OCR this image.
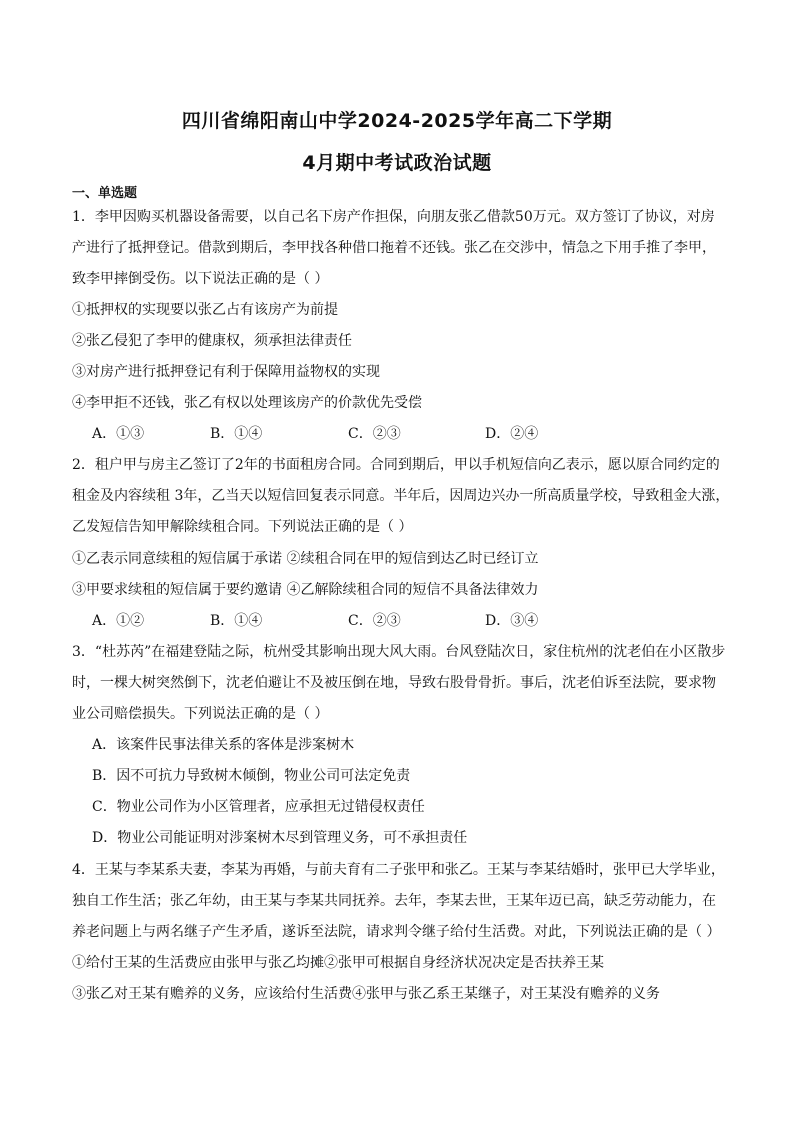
四川省绵阳南山中学2024-2025学年高二下学期
4月期中考试政治试题
一、单选题
1．李甲因购买机器设备需要，以自己名下房产作担保，向朋友张乙借款50万元。双方签订了协议，对房
产进行了抵押登记。借款到期后，李甲找各种借口拖着不还钱。张乙在交涉中，情急之下用手推了李甲，
致李甲摔倒受伤。以下说法正确的是（ ）
①抵押权的实现要以张乙占有该房产为前提
②张乙侵犯了李甲的健康权，须承担法律责任
③对房产进行抵押登记有利于保障用益物权的实现
④李甲拒不还钱，张乙有权以处理该房产的价款优先受偿
A．①③	B．①④	C．②③	D．②④
2．租户甲与房主乙签订了2年的书面租房合同。合同到期后，甲以手机短信向乙表示，愿以原合同约定的
租金及内容续租 3年，乙当天以短信回复表示同意。半年后，因周边兴办一所高质量学校，导致租金大涨，
乙发短信告知甲解除续租合同。下列说法正确的是（ ）
①乙表示同意续租的短信属于承诺 ②续租合同在甲的短信到达乙时已经订立
③甲要求续租的短信属于要约邀请 ④乙解除续租合同的短信不具备法律效力
A．①②	B．①④	C．②③	D．③④
3．“杜苏芮”在福建登陆之际，杭州受其影响出现大风大雨。台风登陆次日，家住杭州的沈老伯在小区散步
时，一棵大树突然倒下，沈老伯避让不及被压倒在地，导致右股骨骨折。事后，沈老伯诉至法院，要求物
业公司赔偿损失。下列说法正确的是（ ）
A．该案件民事法律关系的客体是涉案树木
B．因不可抗力导致树木倾倒，物业公司可法定免责
C．物业公司作为小区管理者，应承担无过错侵权责任
D．物业公司能证明对涉案树木尽到管理义务，可不承担责任
4．王某与李某系夫妻，李某为再婚，与前夫育有二子张甲和张乙。王某与李某结婚时，张甲已大学毕业，
独自工作生活；张乙年幼，由王某与李某共同抚养。去年，李某去世，王某年迈已高，缺乏劳动能力，在
养老问题上与两名继子产生矛盾，遂诉至法院，请求判令继子给付生活费。对此，下列说法正确的是（ ）
①给付王某的生活费应由张甲与张乙均摊②张甲可根据自身经济状况决定是否扶养王某
③张乙对王某有赡养的义务，应该给付生活费④张甲与张乙系王某继子，对王某没有赡养的义务
